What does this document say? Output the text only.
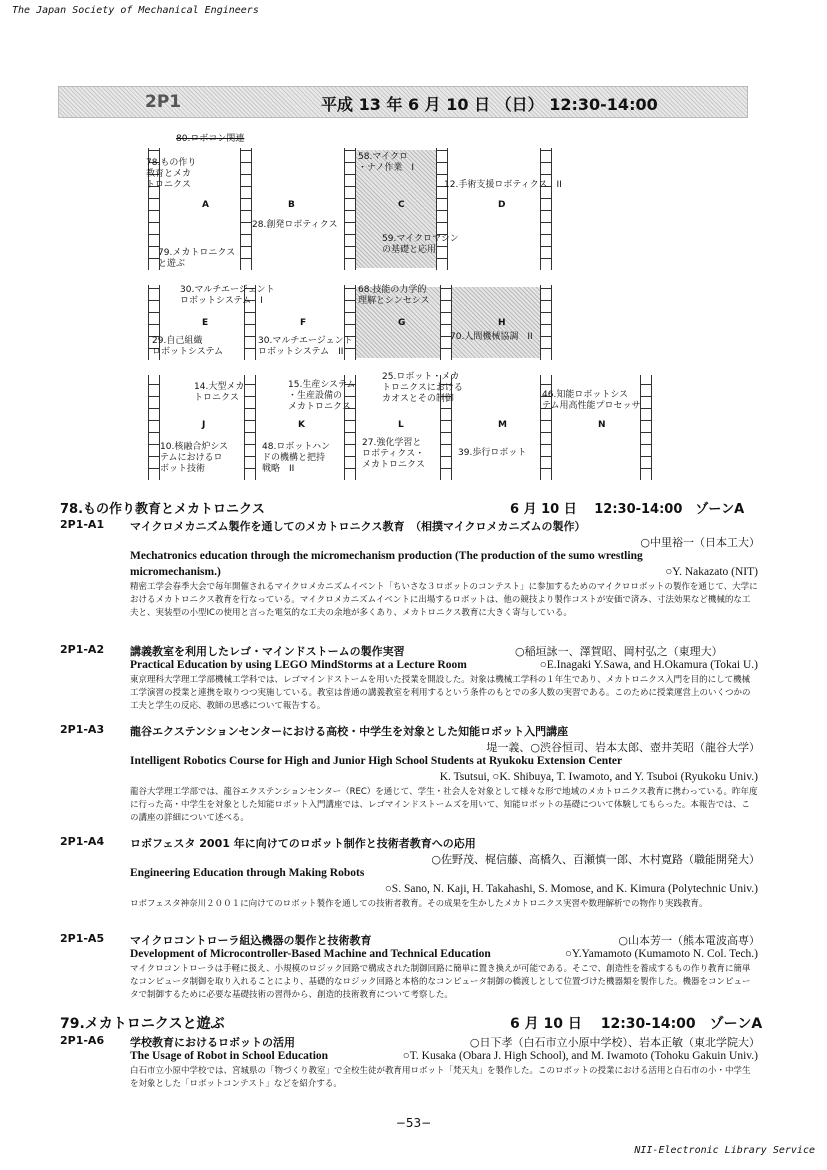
The Japan Society of Mechanical Engineers
2P1	平成 13 年 6 月 10 日 （日） 12:30-14:00
80.ロボコン関連
78.もの作り
教育とメカ
トロニクス
58.マイクロ
・ナノ作業　I
12.手術支援ロボティクス　II
28.創発ロボティクス
79.メカトロニクス
と遊ぶ
59.マイクロマシン
の基礎と応用
30.マルチエージェント
ロボットシステム　I
68.技能の力学的
理解とシンセシス
29.自己組織
ロボットシステム
30.マルチエージェント
ロボットシステム　II
70.人間機械協調　II
14.大型メカ
トロニクス
15.生産システム
・生産設備の
メカトロニクス
25.ロボット・メカ
トロニクスにおける
カオスとその制御	46.知能ロボットシス
テム用高性能プロセッサ
10.核融合炉シス
テムにおけるロ
ボット技術
48.ロボットハン
ドの機構と把持
戦略　II
27.強化学習と
ロボティクス・
メカトロニクス
39.歩行ロボット
A	B	C	D
E	F	G	H
J	K	L	M	N
78.もの作り教育とメカトロニクス	6 月 10 日　 12:30-14:00　ゾーンA
2P1-A1 マイクロメカニズム製作を通してのメカトロニクス教育　（相撲マイクロメカニズムの製作）
○中里裕一（日本工大）
Mechatronics education through the micromechanism production (The production of the sumo wrestling
micromechanism.)	○Y. Nakazato (NIT)
精密工学会春季大会で毎年開催されるマイクロメカニズムイベント「ちいさな３ロボットのコンテスト」に参加するためのマイクロロボットの製作を通じて、大学におけるメカトロニクス教育を行なっている。マイクロメカニズムイベントに出場するロボットは、他の競技より製作コストが安価で済み、寸法効果など機械的な工夫と、実装型の小型ICの使用と言った電気的な工夫の余地が多くあり、メカトロニクス教育に大きく寄与している。
2P1-A2 講義教室を利用したレゴ・マインドストームの製作実習	○稲垣詠一、澤賀昭、岡村弘之（東理大）
Practical Education by using LEGO MindStorms at a Lecture Room	○E.Inagaki Y.Sawa, and H.Okamura (Tokai U.)
東京理科大学理工学部機械工学科では、レゴマインドストームを用いた授業を開設した。対象は機械工学科の１年生であり、メカトロニクス入門を目的にして機械工学演習の授業と連携を取りつつ実施している。教室は普通の講義教室を利用するという条件のもとでの多人数の実習である。このために授業運営上のいくつかの工夫と学生の反応、教師の思惑について報告する。
2P1-A3 龍谷エクステンションセンターにおける高校・中学生を対象とした知能ロボット入門講座
堤一義、○渋谷恒司、岩本太郎、壺井芙昭（龍谷大学）
Intelligent Robotics Course for High and Junior High School Students at Ryukoku Extension Center
K. Tsutsui, ○K. Shibuya, T. Iwamoto, and Y. Tsuboi (Ryukoku Univ.)
龍谷大学理工学部では、龍谷エクステンションセンター（REC）を通じて、学生・社会人を対象として様々な形で地域のメカトロニクス教育に携わっている。昨年度に行った高・中学生を対象とした知能ロボット入門講座では、レゴマインドストームズを用いて、知能ロボットの基礎について体験してもらった。本報告では、この講座の詳細について述べる。
2P1-A4 ロボフェスタ 2001 年に向けてのロボット制作と技術者教育への応用
○佐野茂、梶信藤、高橋久、百瀬慎一郎、木村寛路（職能開発大）
Engineering Education through Making Robots
○S. Sano, N. Kaji, H. Takahashi, S. Momose, and K. Kimura (Polytechnic Univ.)
ロボフェスタ神奈川２００１に向けてのロボット製作を通しての技術者教育。その成果を生かしたメカトロニクス実習や数理解析での物作り実践教育。
2P1-A5 マイクロコントローラ組込機器の製作と技術教育	○山本芳一（熊本電波高専）
Development of Microcontroller-Based Machine and Technical Education	○Y.Yamamoto (Kumamoto N. Col. Tech.)
マイクロコントローラは手軽に扱え、小規模のロジック回路で構成された制御回路に簡単に置き換えが可能である。そこで、創造性を養成するもの作り教育に簡単なコンピュータ制御を取り入れることにより、基礎的なロジック回路と本格的なコンピュータ制御の橋渡しとして位置づけた機器類を製作した。機器をコンピュータで制御するために必要な基礎技術の習得から、創造的技術教育について考察した。
79.メカトロニクスと遊ぶ	6 月 10 日　 12:30-14:00　ゾーンA
2P1-A6 学校教育におけるロボットの活用	○日下孝（白石市立小原中学校）、岩本正敏（東北学院大）
The Usage of Robot in School Education	○T. Kusaka (Obara J. High School), and M. Iwamoto (Tohoku Gakuin Univ.)
白石市立小原中学校では、宮城県の「物づくり教室」で全校生徒が教育用ロボット「梵天丸」を製作した。このロボットの授業における活用と白石市の小・中学生を対象とした「ロボットコンテスト」などを紹介する。
−53−
NII-Electronic Library Service
